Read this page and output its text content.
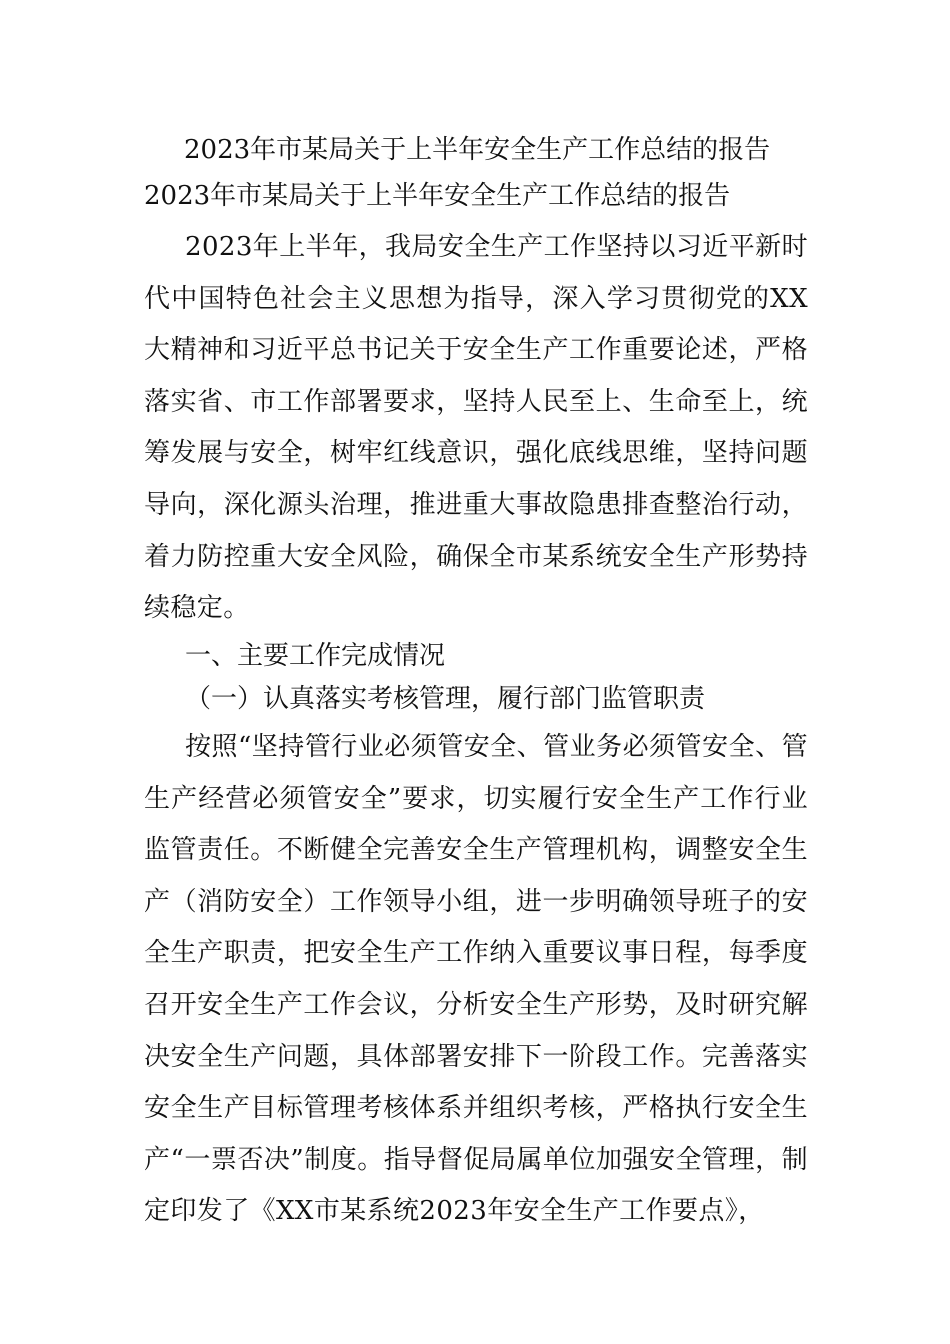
2023年市某局关于上半年安全生产工作总结的报告

2023年市某局关于上半年安全生产工作总结的报告

2023年上半年，我局安全生产工作坚持以习近平新时代中国特色社会主义思想为指导，深入学习贯彻党的XX大精神和习近平总书记关于安全生产工作重要论述，严格落实省、市工作部署要求，坚持人民至上、生命至上，统筹发展与安全，树牢红线意识，强化底线思维，坚持问题导向，深化源头治理，推进重大事故隐患排查整治行动，着力防控重大安全风险，确保全市某系统安全生产形势持续稳定。

一、主要工作完成情况

（一）认真落实考核管理，履行部门监管职责

按照“坚持管行业必须管安全、管业务必须管安全、管生产经营必须管安全”要求，切实履行安全生产工作行业监管责任。不断健全完善安全生产管理机构，调整安全生产（消防安全）工作领导小组，进一步明确领导班子的安全生产职责，把安全生产工作纳入重要议事日程，每季度召开安全生产工作会议，分析安全生产形势，及时研究解决安全生产问题，具体部署安排下一阶段工作。完善落实安全生产目标管理考核体系并组织考核，严格执行安全生产“一票否决”制度。指导督促局属单位加强安全管理，制定印发了《XX市某系统2023年安全生产工作要点》，
